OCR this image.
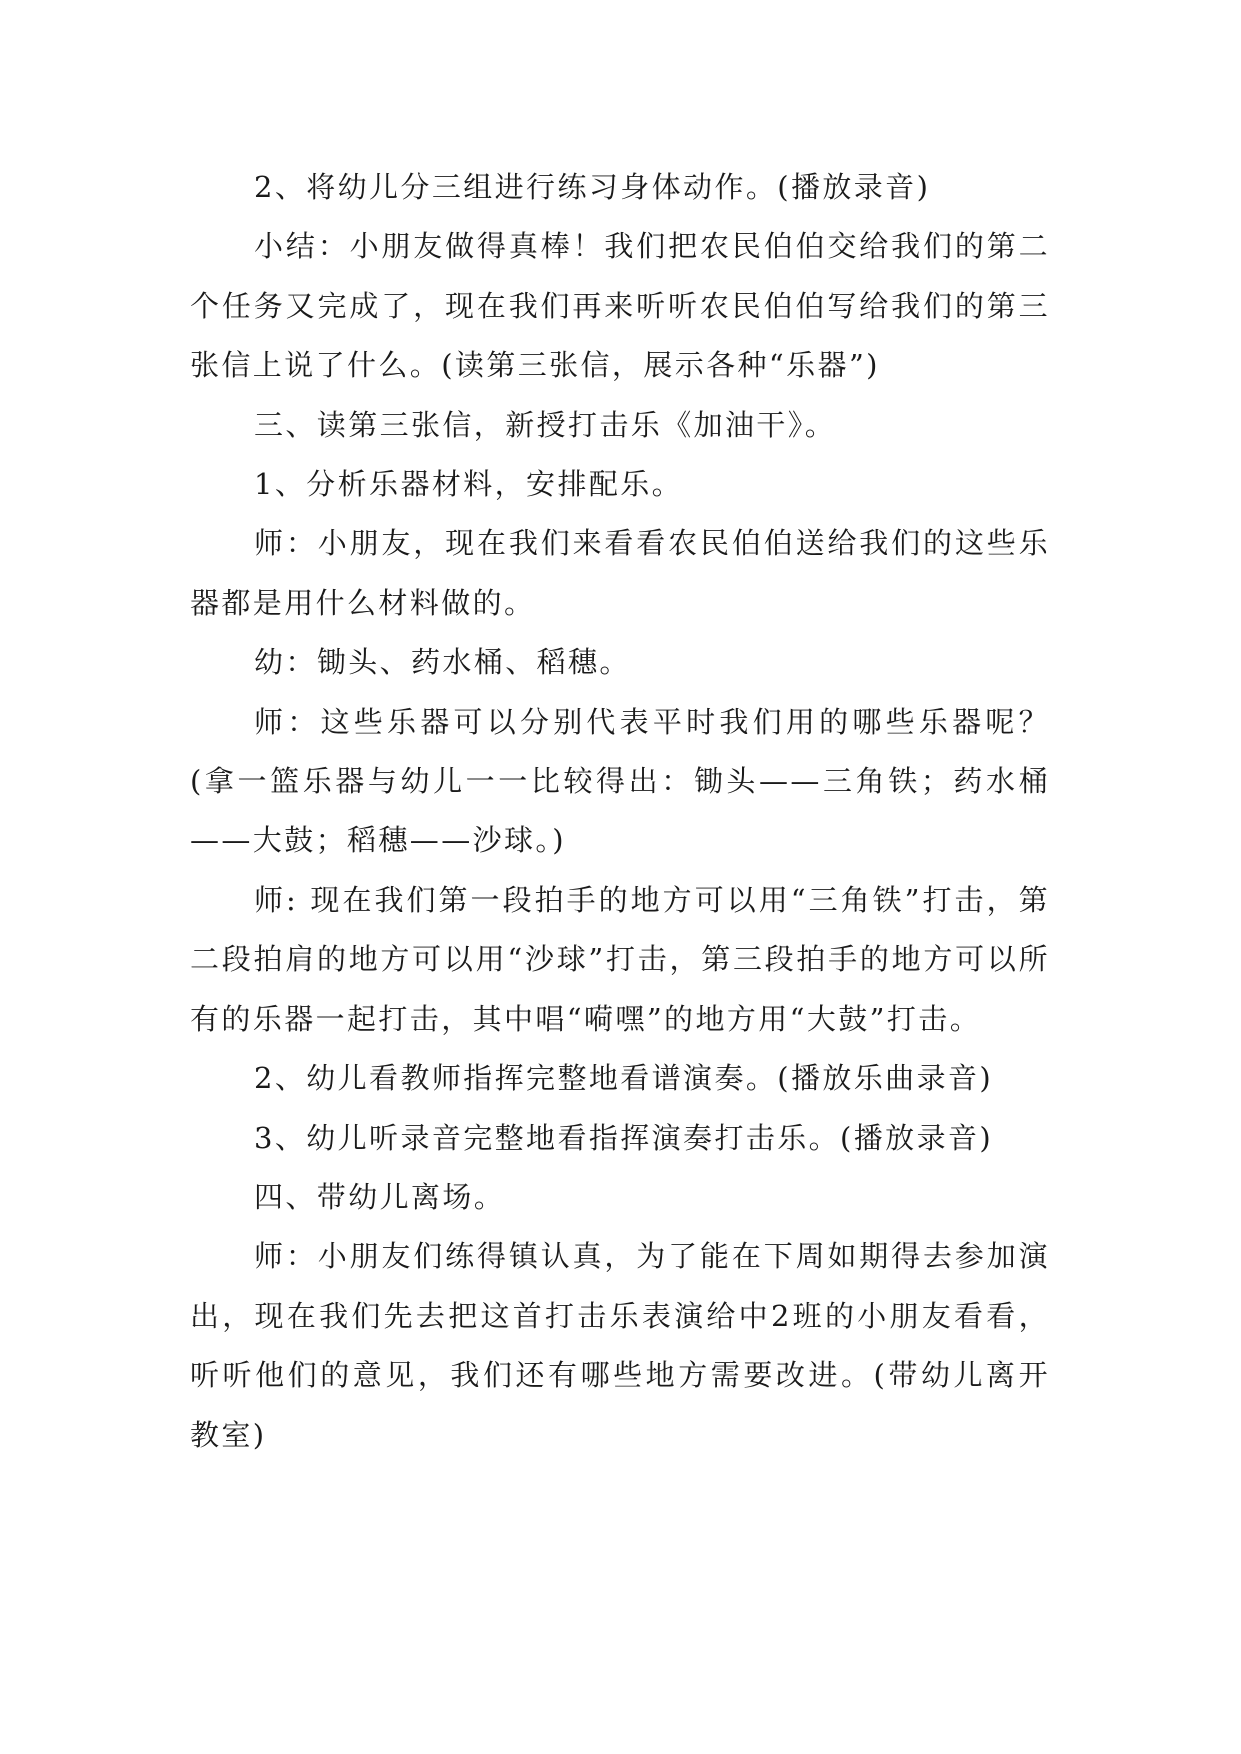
2、将幼儿分三组进行练习身体动作。(播放录音)

小结：小朋友做得真棒！我们把农民伯伯交给我们的第二个任务又完成了，现在我们再来听听农民伯伯写给我们的第三张信上说了什么。(读第三张信，展示各种“乐器”)

三、读第三张信，新授打击乐《加油干》。

1、分析乐器材料，安排配乐。

师：小朋友，现在我们来看看农民伯伯送给我们的这些乐器都是用什么材料做的。

幼：锄头、药水桶、稻穗。

师：这些乐器可以分别代表平时我们用的哪些乐器呢？(拿一篮乐器与幼儿一一比较得出：锄头——三角铁；药水桶——大鼓；稻穗——沙球。)

师: 现在我们第一段拍手的地方可以用“三角铁”打击，第二段拍肩的地方可以用“沙球”打击，第三段拍手的地方可以所有的乐器一起打击，其中唱“嗬嘿”的地方用“大鼓”打击。

2、幼儿看教师指挥完整地看谱演奏。(播放乐曲录音)

3、幼儿听录音完整地看指挥演奏打击乐。(播放录音)

四、带幼儿离场。

师：小朋友们练得镇认真，为了能在下周如期得去参加演出，现在我们先去把这首打击乐表演给中2班的小朋友看看，听听他们的意见，我们还有哪些地方需要改进。(带幼儿离开教室)
